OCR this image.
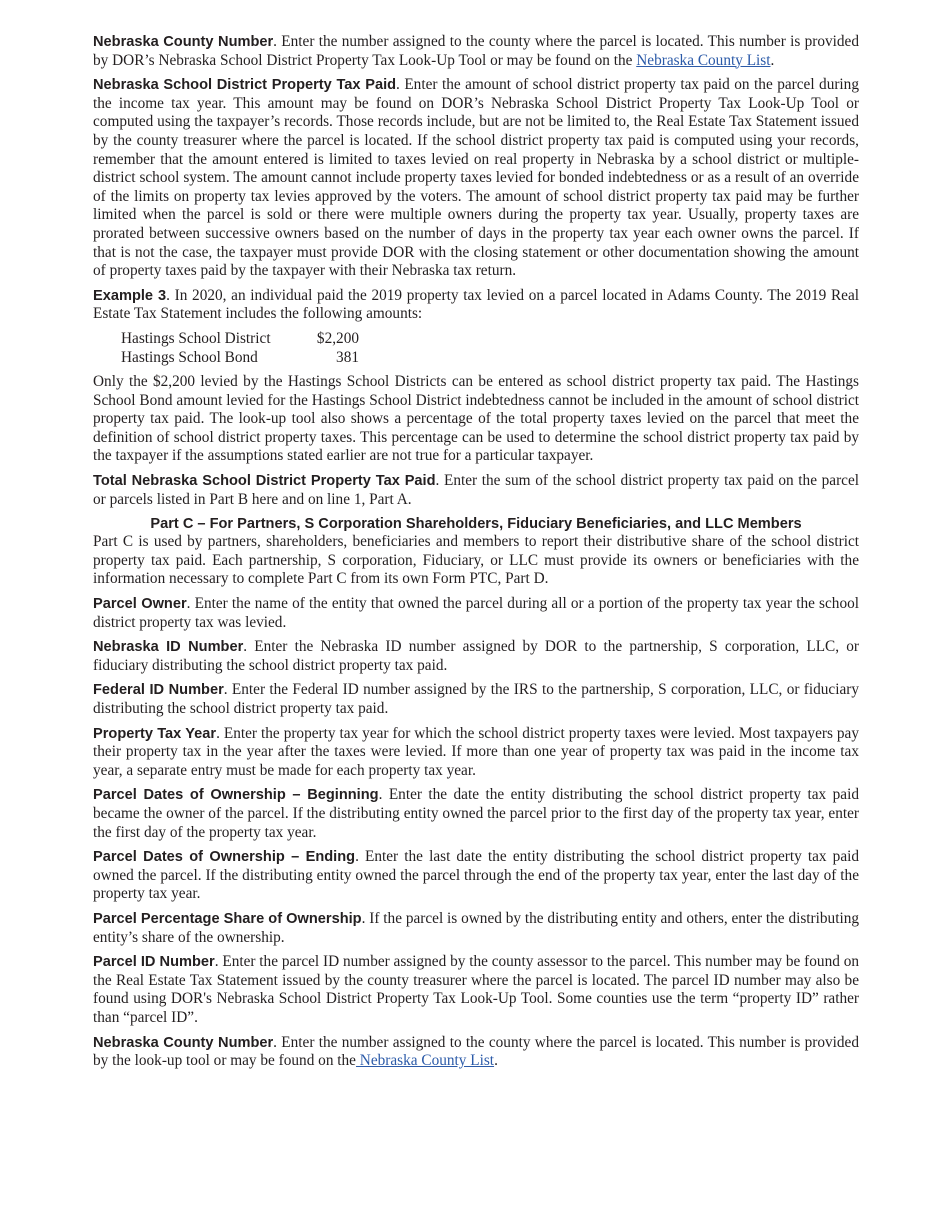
Nebraska County Number. Enter the number assigned to the county where the parcel is located. This number is provided by DOR’s Nebraska School District Property Tax Look-Up Tool or may be found on the Nebraska County List.

Nebraska School District Property Tax Paid. Enter the amount of school district property tax paid on the parcel during the income tax year. This amount may be found on DOR’s Nebraska School District Property Tax Look-Up Tool or computed using the taxpayer’s records. Those records include, but are not be limited to, the Real Estate Tax Statement issued by the county treasurer where the parcel is located. If the school district property tax paid is computed using your records, remember that the amount entered is limited to taxes levied on real property in Nebraska by a school district or multiple-district school system. The amount cannot include property taxes levied for bonded indebtedness or as a result of an override of the limits on property tax levies approved by the voters. The amount of school district property tax paid may be further limited when the parcel is sold or there were multiple owners during the property tax year. Usually, property taxes are prorated between successive owners based on the number of days in the property tax year each owner owns the parcel. If that is not the case, the taxpayer must provide DOR with the closing statement or other documentation showing the amount of property taxes paid by the taxpayer with their Nebraska tax return.

Example 3. In 2020, an individual paid the 2019 property tax levied on a parcel located in Adams County. The 2019 Real Estate Tax Statement includes the following amounts:

Hastings School District	$2,200
Hastings School Bond	381

Only the $2,200 levied by the Hastings School Districts can be entered as school district property tax paid. The Hastings School Bond amount levied for the Hastings School District indebtedness cannot be included in the amount of school district property tax paid. The look-up tool also shows a percentage of the total property taxes levied on the parcel that meet the definition of school district property taxes. This percentage can be used to determine the school district property tax paid by the taxpayer if the assumptions stated earlier are not true for a particular taxpayer.

Total Nebraska School District Property Tax Paid. Enter the sum of the school district property tax paid on the parcel or parcels listed in Part B here and on line 1, Part A.

Part C – For Partners, S Corporation Shareholders, Fiduciary Beneficiaries, and LLC Members

Part C is used by partners, shareholders, beneficiaries and members to report their distributive share of the school district property tax paid. Each partnership, S corporation, Fiduciary, or LLC must provide its owners or beneficiaries with the information necessary to complete Part C from its own Form PTC, Part D.

Parcel Owner. Enter the name of the entity that owned the parcel during all or a portion of the property tax year the school district property tax was levied.

Nebraska ID Number. Enter the Nebraska ID number assigned by DOR to the partnership, S corporation, LLC, or fiduciary distributing the school district property tax paid.

Federal ID Number. Enter the Federal ID number assigned by the IRS to the partnership, S corporation, LLC, or fiduciary distributing the school district property tax paid.

Property Tax Year. Enter the property tax year for which the school district property taxes were levied. Most taxpayers pay their property tax in the year after the taxes were levied. If more than one year of property tax was paid in the income tax year, a separate entry must be made for each property tax year.

Parcel Dates of Ownership – Beginning. Enter the date the entity distributing the school district property tax paid became the owner of the parcel. If the distributing entity owned the parcel prior to the first day of the property tax year, enter the first day of the property tax year.

Parcel Dates of Ownership – Ending. Enter the last date the entity distributing the school district property tax paid owned the parcel. If the distributing entity owned the parcel through the end of the property tax year, enter the last day of the property tax year.

Parcel Percentage Share of Ownership. If the parcel is owned by the distributing entity and others, enter the distributing entity’s share of the ownership.

Parcel ID Number. Enter the parcel ID number assigned by the county assessor to the parcel. This number may be found on the Real Estate Tax Statement issued by the county treasurer where the parcel is located. The parcel ID number may also be found using DOR's Nebraska School District Property Tax Look-Up Tool. Some counties use the term “property ID” rather than “parcel ID”.

Nebraska County Number. Enter the number assigned to the county where the parcel is located. This number is provided by the look-up tool or may be found on the Nebraska County List.
